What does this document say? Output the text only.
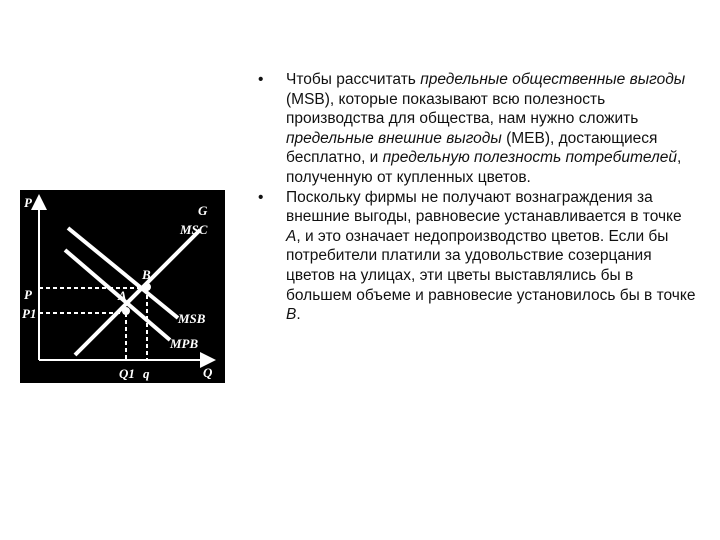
P
Q
P
P1
Q1 q
A
B
G
MSC
MSB
MPB

•	Чтобы рассчитать предельные общественные выгоды (MSB), которые показывают всю полезность производства для общества, нам нужно сложить предельные внешние выгоды (MEB), достающиеся бесплатно, и предельную полезность потребителей, полученную от купленных цветов.

•	Поскольку фирмы не получают вознаграждения за внешние выгоды, равновесие устанавливается в точке А, и это означает недопроизводство цветов. Если бы потребители платили за удовольствие созерцания цветов на улицах, эти цветы выставлялись бы в большем объеме и равновесие установилось бы в точке В.
